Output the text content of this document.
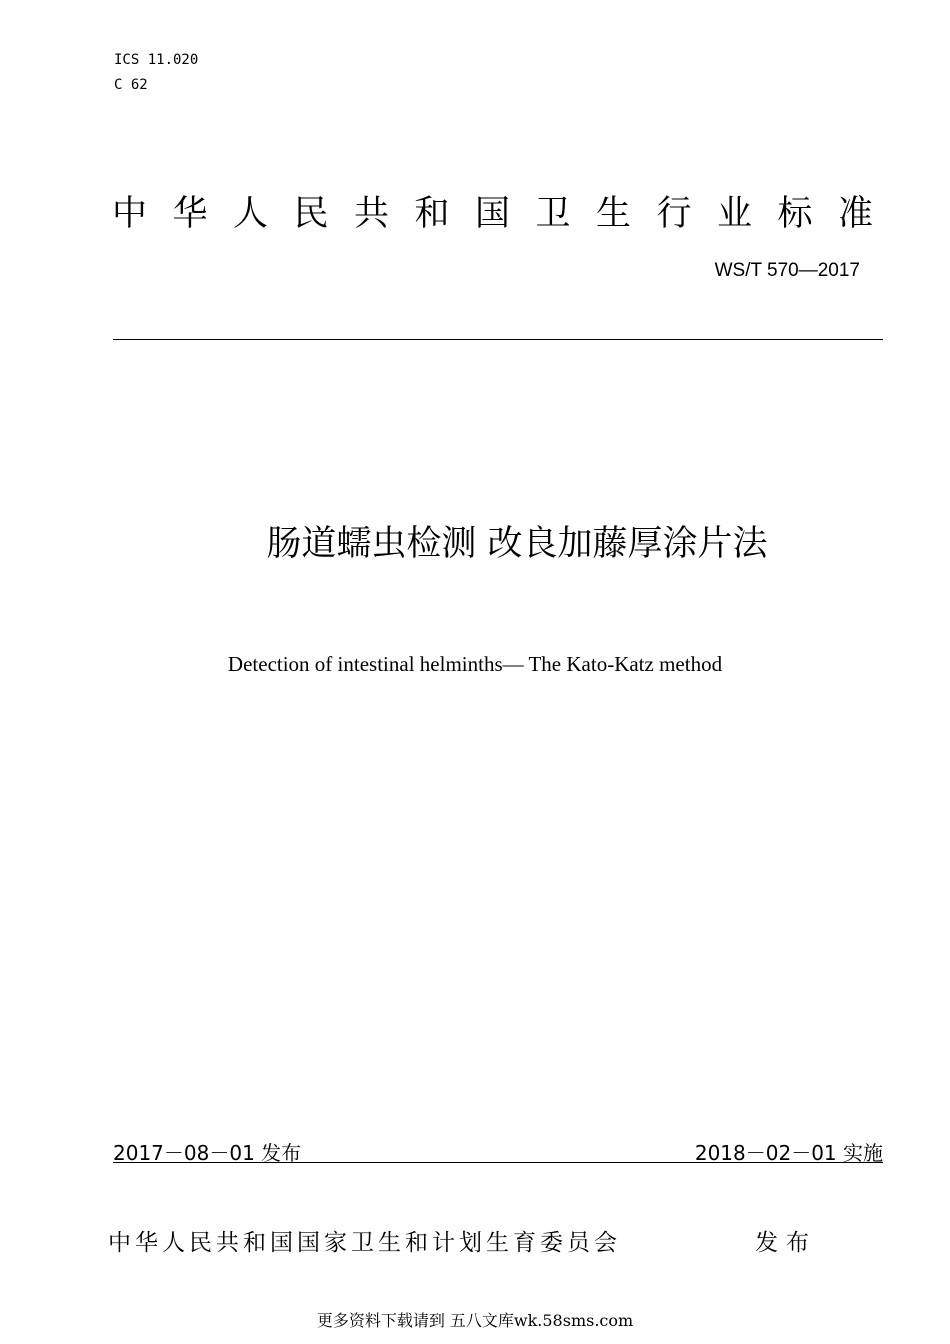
ICS 11.020
C 62
中华人民共和国卫生行业标准
WS/T 570—2017
肠道蠕虫检测 改良加藤厚涂片法
Detection of intestinal helminths— The Kato-Katz method
2017－08－01 发布	2018－02－01 实施
中华人民共和国国家卫生和计划生育委员会	发布
更多资料下载请到 五八文库wk.58sms.com
